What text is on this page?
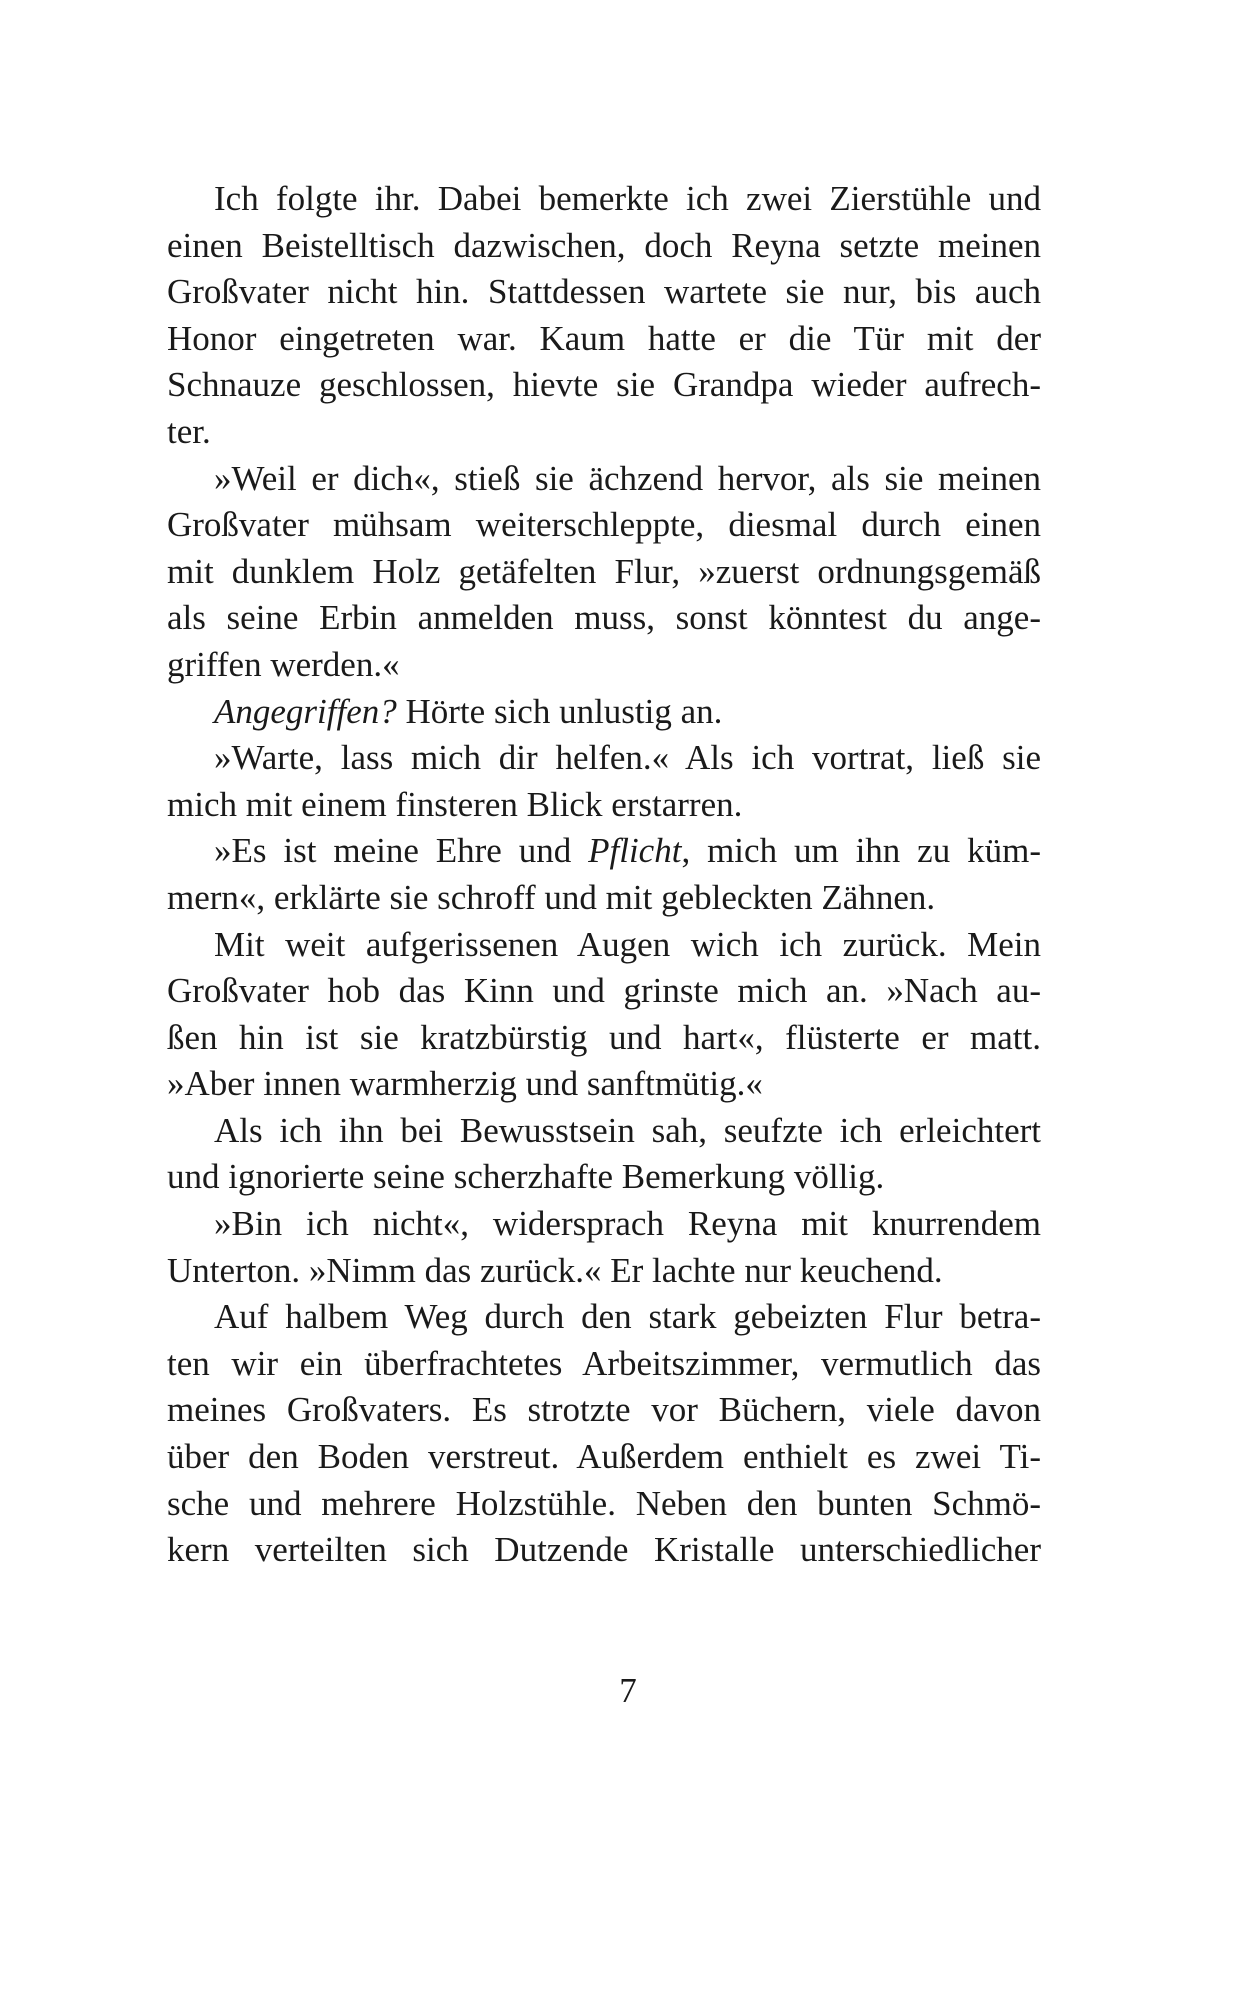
Ich folgte ihr. Dabei bemerkte ich zwei Zierstühle und
einen Beistelltisch dazwischen, doch Reyna setzte meinen
Großvater nicht hin. Stattdessen wartete sie nur, bis auch
Honor eingetreten war. Kaum hatte er die Tür mit der
Schnauze geschlossen, hievte sie Grandpa wieder aufrech-
ter.
»Weil er dich«, stieß sie ächzend hervor, als sie meinen
Großvater mühsam weiterschleppte, diesmal durch einen
mit dunklem Holz getäfelten Flur, »zuerst ordnungsgemäß
als seine Erbin anmelden muss, sonst könntest du ange-
griffen werden.«
Angegriffen? Hörte sich unlustig an.
»Warte, lass mich dir helfen.« Als ich vortrat, ließ sie
mich mit einem finsteren Blick erstarren.
»Es ist meine Ehre und Pflicht, mich um ihn zu küm-
mern«, erklärte sie schroff und mit gebleckten Zähnen.
Mit weit aufgerissenen Augen wich ich zurück. Mein
Großvater hob das Kinn und grinste mich an. »Nach au-
ßen hin ist sie kratzbürstig und hart«, flüsterte er matt.
»Aber innen warmherzig und sanftmütig.«
Als ich ihn bei Bewusstsein sah, seufzte ich erleichtert
und ignorierte seine scherzhafte Bemerkung völlig.
»Bin ich nicht«, widersprach Reyna mit knurrendem
Unterton. »Nimm das zurück.« Er lachte nur keuchend.
Auf halbem Weg durch den stark gebeizten Flur betra-
ten wir ein überfrachtetes Arbeitszimmer, vermutlich das
meines Großvaters. Es strotzte vor Büchern, viele davon
über den Boden verstreut. Außerdem enthielt es zwei Ti-
sche und mehrere Holzstühle. Neben den bunten Schmö-
kern verteilten sich Dutzende Kristalle unterschiedlicher
7
